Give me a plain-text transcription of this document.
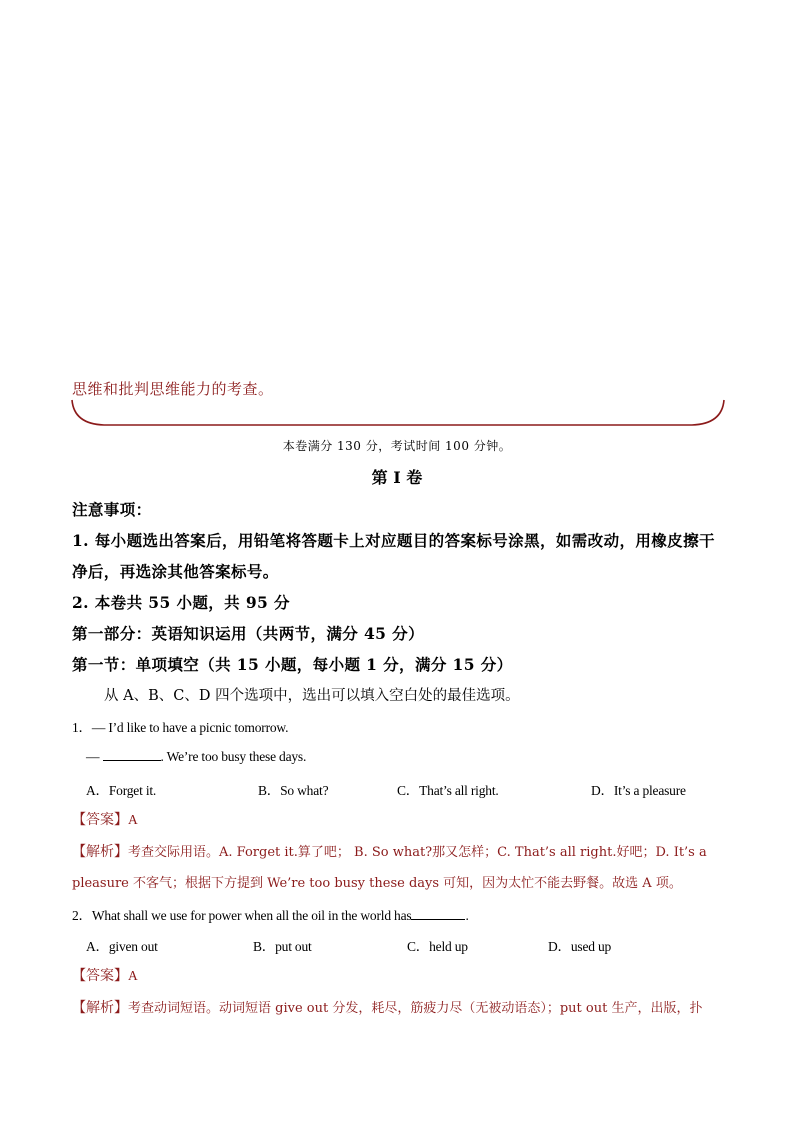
思维和批判思维能力的考查。
本卷满分 130 分，考试时间 100 分钟。
第 I 卷
注意事项：
1. 每小题选出答案后，用铅笔将答题卡上对应题目的答案标号涂黑，如需改动，用橡皮擦干
净后，再选涂其他答案标号。
2. 本卷共 55 小题，共 95 分
第一部分：英语知识运用（共两节，满分 45 分）
第一节：单项填空（共 15 小题，每小题 1 分，满分 15 分）
从 A、B、C、D 四个选项中，选出可以填入空白处的最佳选项。
1．— I’d like to have a picnic tomorrow.
—	. We’re too busy these days.
A．Forget it.	B．So what?	C．That’s all right.	D．It’s a pleasure
【答案】A
【解析】考查交际用语。A. Forget it.算了吧； B. So what?那又怎样；C. That’s all right.好吧；D. It’s a
pleasure 不客气；根据下方提到 We’re too busy these days 可知，因为太忙不能去野餐。故选 A 项。
2．What shall we use for power when all the oil in the world has	.
A．given out	B．put out	C．held up	D．used up
【答案】A
【解析】考查动词短语。动词短语 give out 分发，耗尽，筋疲力尽（无被动语态）；put out 生产，出版，扑
